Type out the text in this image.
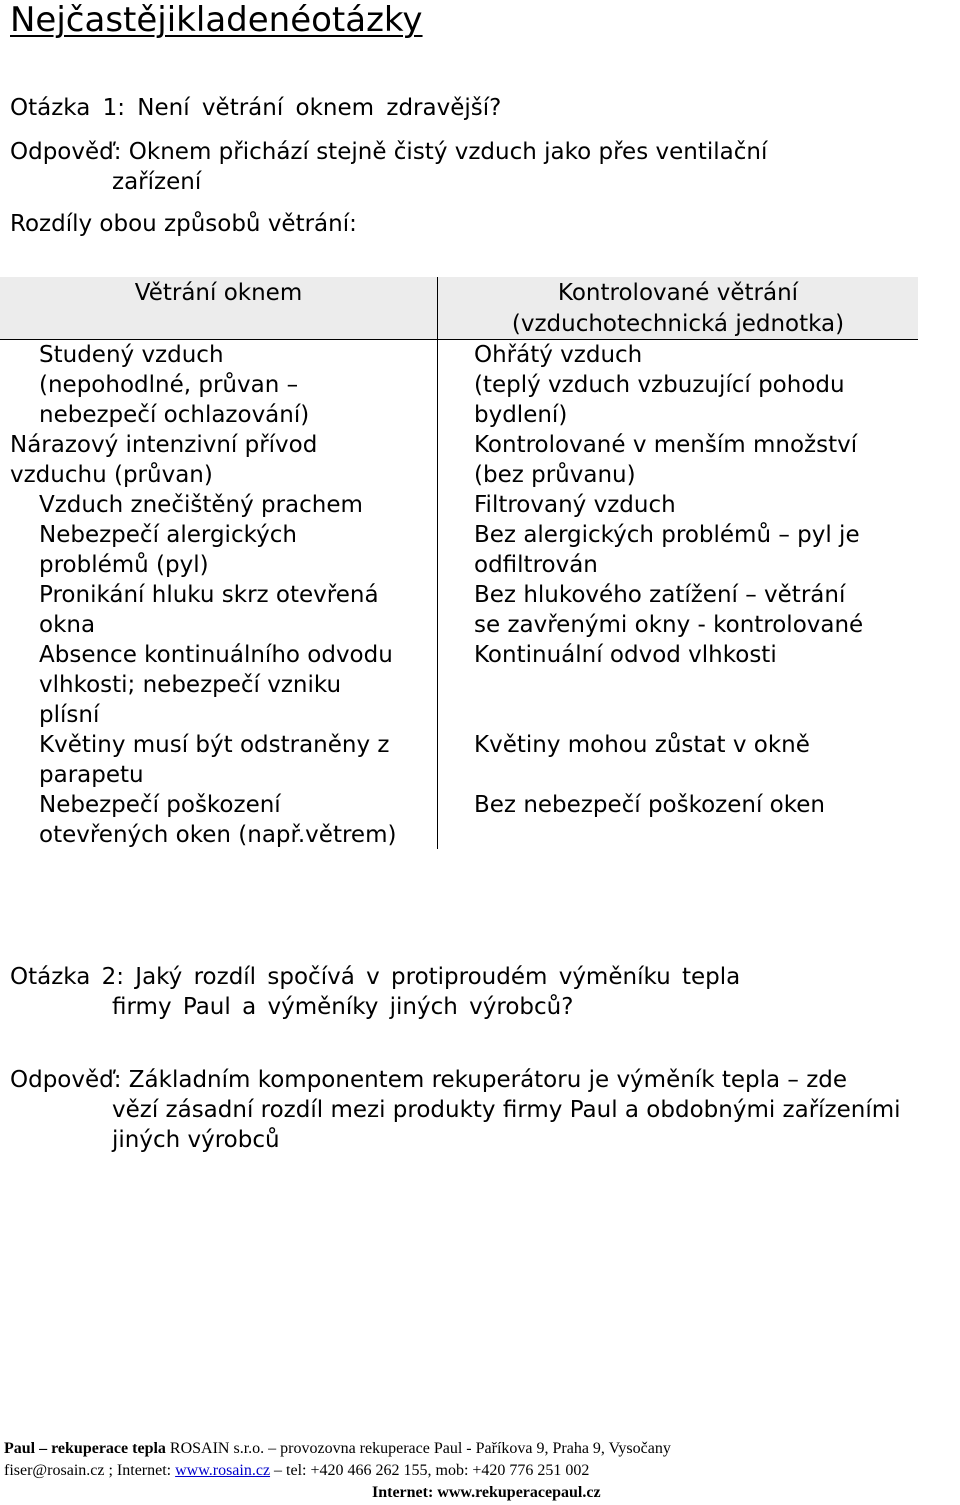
Nejčastějikladenéotázky
Otázka 1: Není větrání oknem zdravější?
Odpověď: Oknem přichází stejně čistý vzduch jako přes ventilační
zařízení
Rozdíly obou způsobů větrání:
Větrání oknem	Kontrolované větrání
(vzduchotechnická jednotka)
Studený vzduch
(nepohodlné, průvan –
nebezpečí ochlazování)
Nárazový intenzivní přívod
vzduchu (průvan)
Vzduch znečištěný prachem
Nebezpečí alergických
problémů (pyl)
Pronikání hluku skrz otevřená
okna
Absence kontinuálního odvodu
vlhkosti; nebezpečí vzniku
plísní
Květiny musí být odstraněny z
parapetu
Nebezpečí poškození
otevřených oken (např.větrem)
Ohřátý vzduch
(teplý vzduch vzbuzující pohodu
bydlení)
Kontrolované v menším množství
(bez průvanu)
Filtrovaný vzduch
Bez alergických problémů – pyl je
odfiltrován
Bez hlukového zatížení – větrání
se zavřenými okny - kontrolované
Kontinuální odvod vlhkosti
Květiny mohou zůstat v okně
Bez nebezpečí poškození oken
Otázka 2: Jaký rozdíl spočívá v protiproudém výměníku tepla
firmy Paul a výměníky jiných výrobců?
Odpověď: Základním komponentem rekuperátoru je výměník tepla – zde
vězí zásadní rozdíl mezi produkty firmy Paul a obdobnými zařízeními
jiných výrobců
Paul – rekuperace tepla ROSAIN s.r.o. – provozovna rekuperace Paul - Paříkova 9, Praha 9, Vysočany
fiser@rosain.cz ; Internet: www.rosain.cz – tel: +420 466 262 155, mob: +420 776 251 002
Internet: www.rekuperacepaul.cz
